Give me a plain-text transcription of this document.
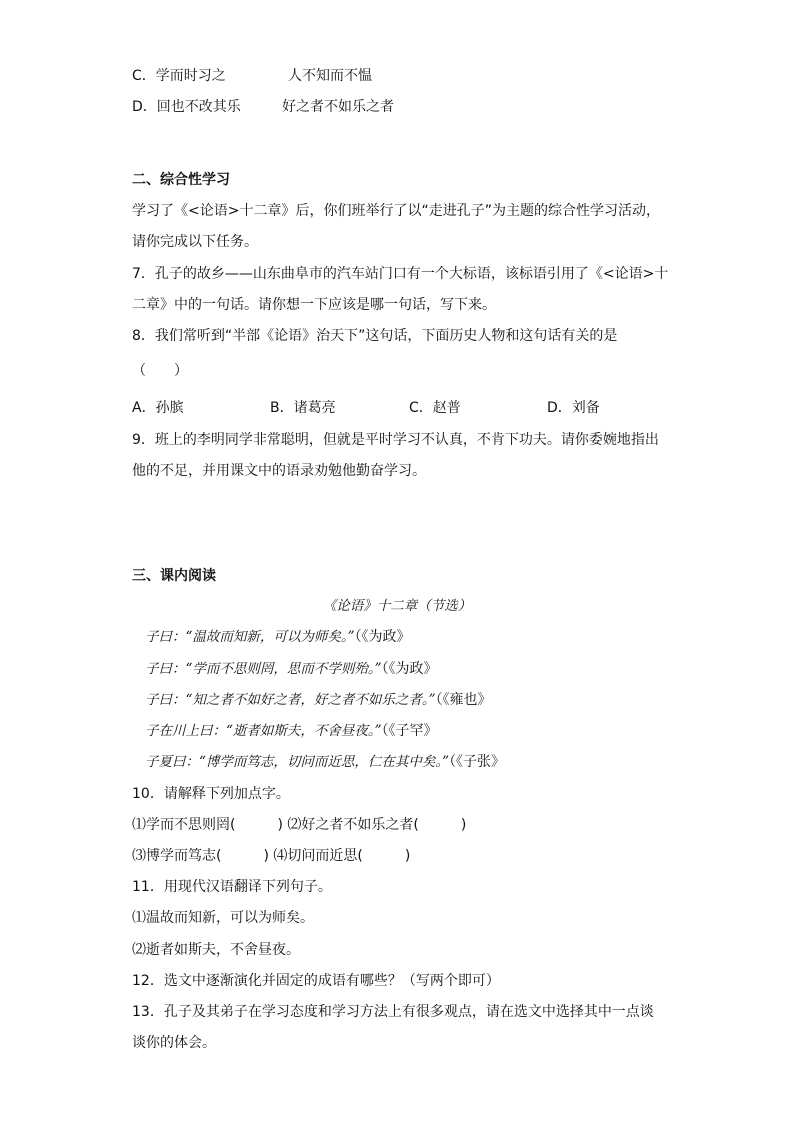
C．学而时习之	人不知而不愠
D．回也不改其乐	好之者不如乐之者
二、综合性学习
学习了《<论语>十二章》后，你们班举行了以“走进孔子”为主题的综合性学习活动，
请你完成以下任务。
7．孔子的故乡——山东曲阜市的汽车站门口有一个大标语，该标语引用了《<论语>十
二章》中的一句话。请你想一下应该是哪一句话，写下来。
8．我们常听到“半部《论语》治天下”这句话，下面历史人物和这句话有关的是
（　　）
A．孙膑	B．诸葛亮	C．赵普	D．刘备
9．班上的李明同学非常聪明，但就是平时学习不认真，不肯下功夫。请你委婉地指出
他的不足，并用课文中的语录劝勉他勤奋学习。
三、课内阅读
《论语》十二章（节选）
子曰：“温故而知新，可以为师矣。”（《为政》
子曰：“学而不思则罔，思而不学则殆。”（《为政》
子曰：“知之者不如好之者，好之者不如乐之者。”（《雍也》
子在川上曰：“逝者如斯夫，不舍昼夜。”（《子罕》
子夏曰：“博学而笃志，切问而近思，仁在其中矣。”（《子张》
10．请解释下列加点字。
⑴学而不思则罔(　　　) ⑵好之者不如乐之者(　　　)
⑶博学而笃志(　　　) ⑷切问而近思(　　　)
11．用现代汉语翻译下列句子。
⑴温故而知新，可以为师矣。
⑵逝者如斯夫，不舍昼夜。
12．选文中逐渐演化并固定的成语有哪些？（写两个即可）
13．孔子及其弟子在学习态度和学习方法上有很多观点，请在选文中选择其中一点谈
谈你的体会。
